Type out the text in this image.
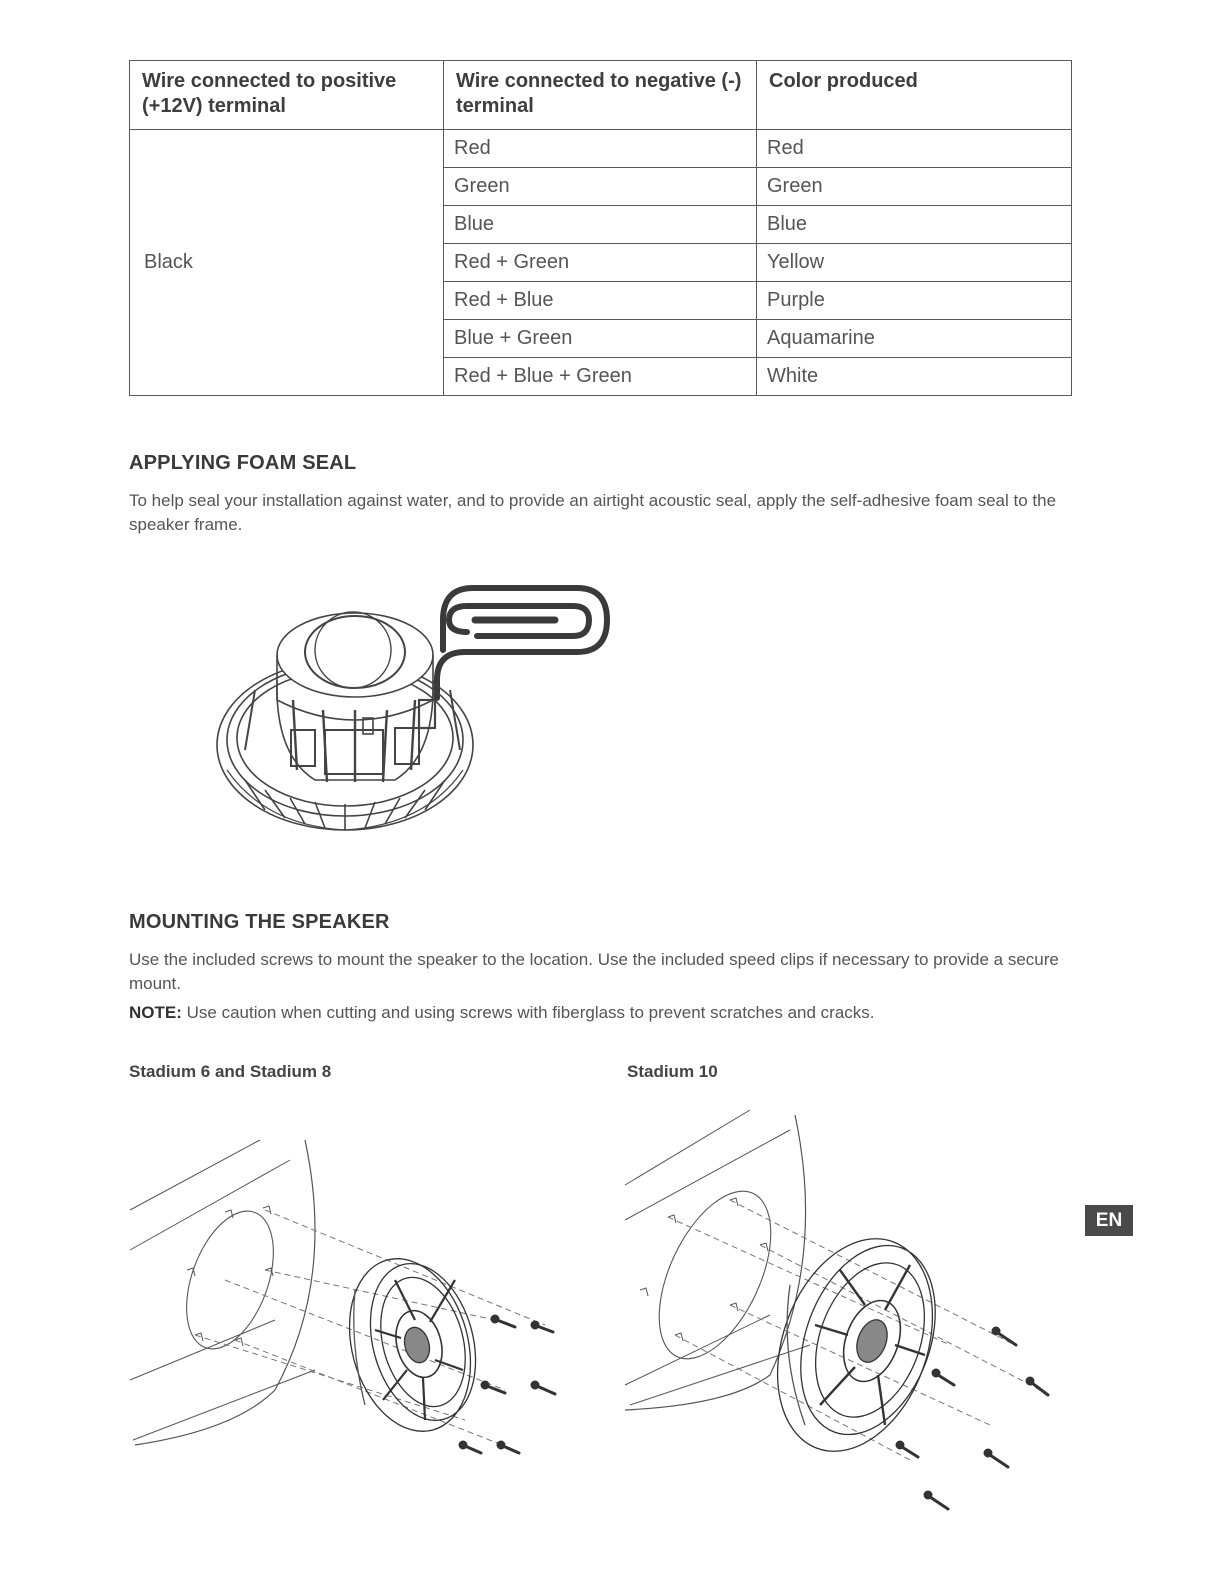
Wire connected to positive (+12V) terminal	Wire connected to negative (-) terminal	Color produced
Black	Red	Red
	Green	Green
	Blue	Blue
	Red + Green	Yellow
	Red + Blue	Purple
	Blue + Green	Aquamarine
	Red + Blue + Green	White
APPLYING FOAM SEAL

To help seal your installation against water, and to provide an airtight acoustic seal, apply the self-adhesive foam seal to the speaker frame.

MOUNTING THE SPEAKER

Use the included screws to mount the speaker to the location. Use the included speed clips if necessary to provide a secure mount.

NOTE: Use caution when cutting and using screws with fiberglass to prevent scratches and cracks.

Stadium 6 and Stadium 8	Stadium 10
EN
